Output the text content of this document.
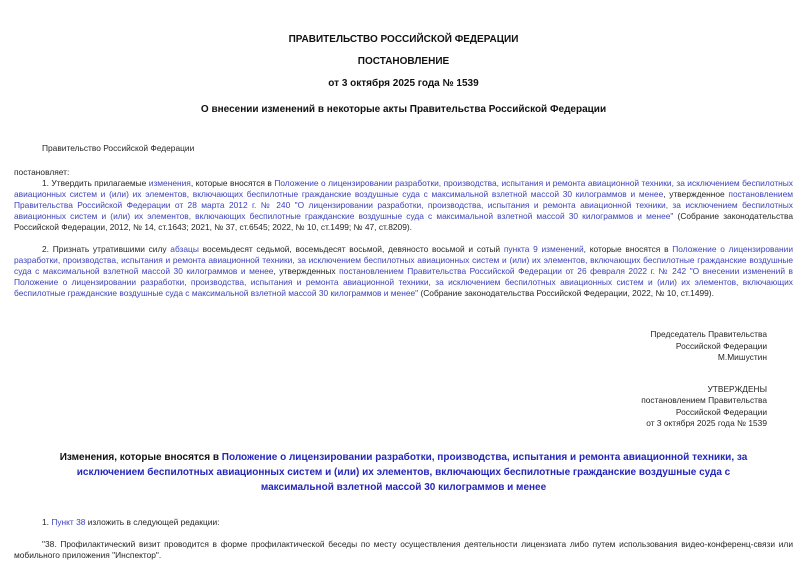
ПРАВИТЕЛЬСТВО РОССИЙСКОЙ ФЕДЕРАЦИИ
ПОСТАНОВЛЕНИЕ
от 3 октября 2025 года № 1539
О внесении изменений в некоторые акты Правительства Российской Федерации
Правительство Российской Федерации
постановляет:
1. Утвердить прилагаемые изменения, которые вносятся в Положение о лицензировании разработки, производства, испытания и ремонта авиационной техники, за исключением беспилотных авиационных систем и (или) их элементов, включающих беспилотные гражданские воздушные суда с максимальной взлетной массой 30 килограммов и менее, утвержденное постановлением Правительства Российской Федерации от 28 марта 2012 г. № 240 "О лицензировании разработки, производства, испытания и ремонта авиационной техники, за исключением беспилотных авиационных систем и (или) их элементов, включающих беспилотные гражданские воздушные суда с максимальной взлетной массой 30 килограммов и менее" (Собрание законодательства Российской Федерации, 2012, № 14, ст.1643; 2021, № 37, ст.6545; 2022, № 10, ст.1499; № 47, ст.8209).
2. Признать утратившими силу абзацы восемьдесят седьмой, восемьдесят восьмой, девяносто восьмой и сотый пункта 9 изменений, которые вносятся в Положение о лицензировании разработки, производства, испытания и ремонта авиационной техники, за исключением беспилотных авиационных систем и (или) их элементов, включающих беспилотные гражданские воздушные суда с максимальной взлетной массой 30 килограммов и менее, утвержденных постановлением Правительства Российской Федерации от 26 февраля 2022 г. № 242 "О внесении изменений в Положение о лицензировании разработки, производства, испытания и ремонта авиационной техники, за исключением беспилотных авиационных систем и (или) их элементов, включающих беспилотные гражданские воздушные суда с максимальной взлетной массой 30 килограммов и менее" (Собрание законодательства Российской Федерации, 2022, № 10, ст.1499).
Председатель Правительства
Российской Федерации
М.Мишустин
УТВЕРЖДЕНЫ
постановлением Правительства
Российской Федерации
от 3 октября 2025 года № 1539
Изменения, которые вносятся в Положение о лицензировании разработки, производства, испытания и ремонта авиационной техники, за исключением беспилотных авиационных систем и (или) их элементов, включающих беспилотные гражданские воздушные суда с максимальной взлетной массой 30 килограммов и менее
1. Пункт 38 изложить в следующей редакции:
"38. Профилактический визит проводится в форме профилактической беседы по месту осуществления деятельности лицензиата либо путем использования видео-конференц-связи или мобильного приложения "Инспектор".
